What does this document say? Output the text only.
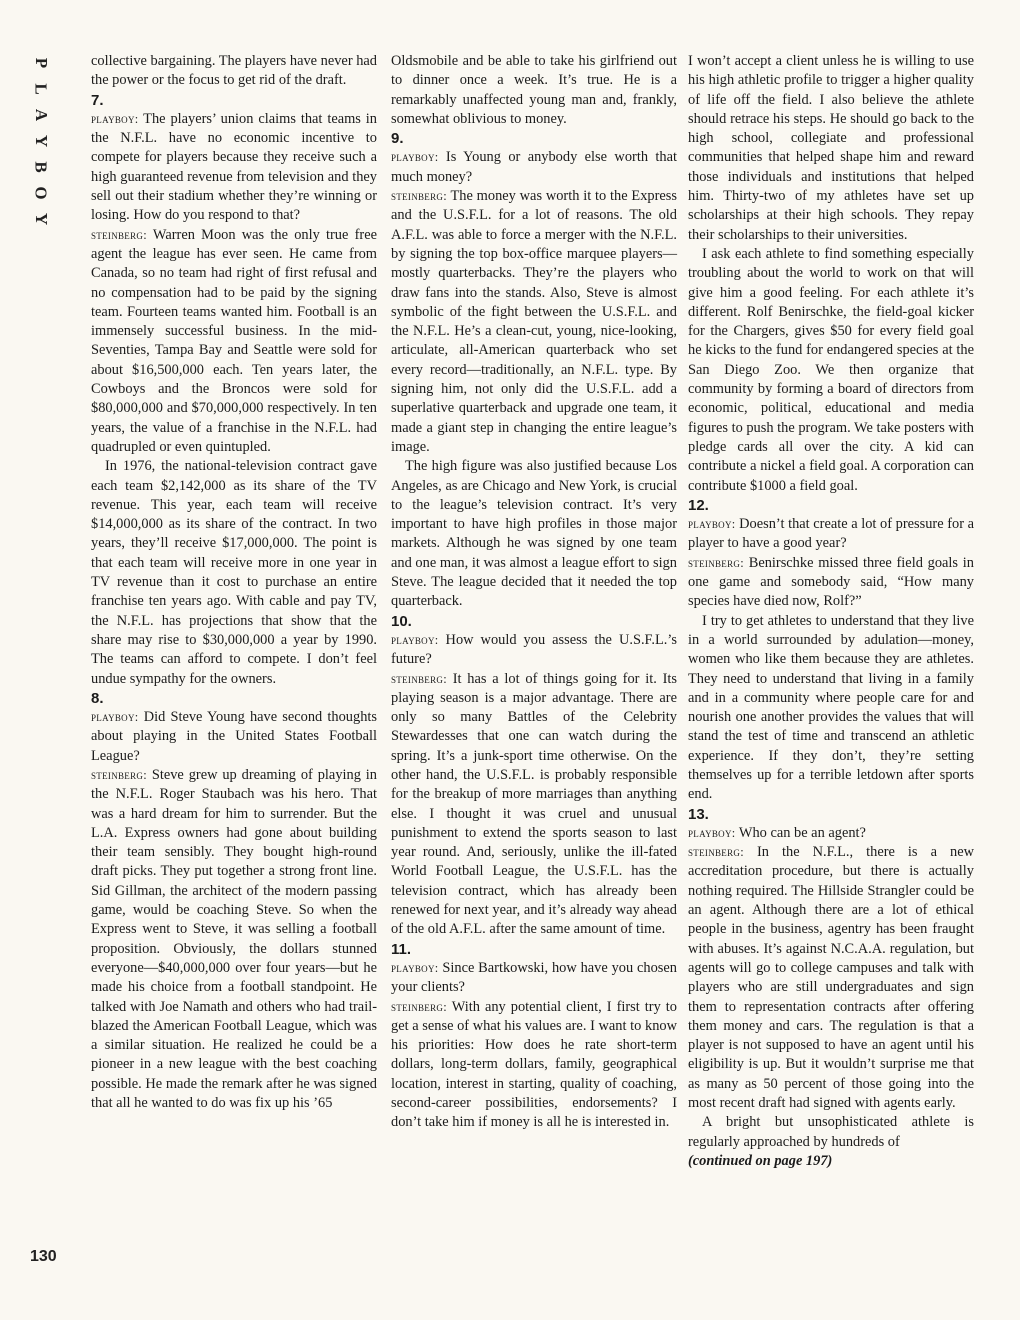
P
L
A
Y
B
O
Y
130

collective bargaining. The players have never had the power or the focus to get rid of the draft.

7.

playboy: The players’ union claims that teams in the N.F.L. have no economic incentive to compete for players because they receive such a high guaranteed revenue from television and they sell out their stadium whether they’re winning or losing. How do you respond to that?

steinberg: Warren Moon was the only true free agent the league has ever seen. He came from Canada, so no team had right of first refusal and no compensation had to be paid by the signing team. Fourteen teams wanted him. Football is an immensely successful business. In the mid-Seventies, Tampa Bay and Seattle were sold for about $16,500,000 each. Ten years later, the Cowboys and the Broncos were sold for $80,000,000 and $70,000,000 respectively. In ten years, the value of a franchise in the N.F.L. had quadrupled or even quintupled.

In 1976, the national-television contract gave each team $2,142,000 as its share of the TV revenue. This year, each team will receive $14,000,000 as its share of the contract. In two years, they’ll receive $17,000,000. The point is that each team will receive more in one year in TV revenue than it cost to purchase an entire franchise ten years ago. With cable and pay TV, the N.F.L. has projections that show that the share may rise to $30,000,000 a year by 1990. The teams can afford to compete. I don’t feel undue sympathy for the owners.

8.

playboy: Did Steve Young have second thoughts about playing in the United States Football League?

steinberg: Steve grew up dreaming of playing in the N.F.L. Roger Staubach was his hero. That was a hard dream for him to surrender. But the L.A. Express owners had gone about building their team sensibly. They bought high-round draft picks. They put together a strong front line. Sid Gillman, the architect of the modern passing game, would be coaching Steve. So when the Express went to Steve, it was selling a football proposition. Obviously, the dollars stunned everyone—$40,000,000 over four years—but he made his choice from a football standpoint. He talked with Joe Namath and others who had trail-blazed the American Football League, which was a similar situation. He realized he could be a pioneer in a new league with the best coaching possible. He made the remark after he was signed that all he wanted to do was fix up his ’65

Oldsmobile and be able to take his girlfriend out to dinner once a week. It’s true. He is a remarkably unaffected young man and, frankly, somewhat oblivious to money.

9.

playboy: Is Young or anybody else worth that much money?

steinberg: The money was worth it to the Express and the U.S.F.L. for a lot of reasons. The old A.F.L. was able to force a merger with the N.F.L. by signing the top box-office marquee players—mostly quarterbacks. They’re the players who draw fans into the stands. Also, Steve is almost symbolic of the fight between the U.S.F.L. and the N.F.L. He’s a clean-cut, young, nice-looking, articulate, all-American quarterback who set every record—traditionally, an N.F.L. type. By signing him, not only did the U.S.F.L. add a superlative quarterback and upgrade one team, it made a giant step in changing the entire league’s image.

The high figure was also justified because Los Angeles, as are Chicago and New York, is crucial to the league’s television contract. It’s very important to have high profiles in those major markets. Although he was signed by one team and one man, it was almost a league effort to sign Steve. The league decided that it needed the top quarterback.

10.

playboy: How would you assess the U.S.F.L.’s future?

steinberg: It has a lot of things going for it. Its playing season is a major advantage. There are only so many Battles of the Celebrity Stewardesses that one can watch during the spring. It’s a junk-sport time otherwise. On the other hand, the U.S.F.L. is probably responsible for the breakup of more marriages than anything else. I thought it was cruel and unusual punishment to extend the sports season to last year round. And, seriously, unlike the ill-fated World Football League, the U.S.F.L. has the television contract, which has already been renewed for next year, and it’s already way ahead of the old A.F.L. after the same amount of time.

11.

playboy: Since Bartkowski, how have you chosen your clients?

steinberg: With any potential client, I first try to get a sense of what his values are. I want to know his priorities: How does he rate short-term dollars, long-term dollars, family, geographical location, interest in starting, quality of coaching, second-career possibilities, endorsements? I don’t take him if money is all he is interested in.

I won’t accept a client unless he is willing to use his high athletic profile to trigger a higher quality of life off the field. I also believe the athlete should retrace his steps. He should go back to the high school, collegiate and professional communities that helped shape him and reward those individuals and institutions that helped him. Thirty-two of my athletes have set up scholarships at their high schools. They repay their scholarships to their universities.

I ask each athlete to find something especially troubling about the world to work on that will give him a good feeling. For each athlete it’s different. Rolf Benirschke, the field-goal kicker for the Chargers, gives $50 for every field goal he kicks to the fund for endangered species at the San Diego Zoo. We then organize that community by forming a board of directors from economic, political, educational and media figures to push the program. We take posters with pledge cards all over the city. A kid can contribute a nickel a field goal. A corporation can contribute $1000 a field goal.

12.

playboy: Doesn’t that create a lot of pressure for a player to have a good year?

steinberg: Benirschke missed three field goals in one game and somebody said, “How many species have died now, Rolf?”

I try to get athletes to understand that they live in a world surrounded by adulation—money, women who like them because they are athletes. They need to understand that living in a family and in a community where people care for and nourish one another provides the values that will stand the test of time and transcend an athletic experience. If they don’t, they’re setting themselves up for a terrible letdown after sports end.

13.

playboy: Who can be an agent?

steinberg: In the N.F.L., there is a new accreditation procedure, but there is actually nothing required. The Hillside Strangler could be an agent. Although there are a lot of ethical people in the business, agentry has been fraught with abuses. It’s against N.C.A.A. regulation, but agents will go to college campuses and talk with players who are still undergraduates and sign them to representation contracts after offering them money and cars. The regulation is that a player is not supposed to have an agent until his eligibility is up. But it wouldn’t surprise me that as many as 50 percent of those going into the most recent draft had signed with agents early.

A bright but unsophisticated athlete is regularly approached by hundreds of

(continued on page 197)
